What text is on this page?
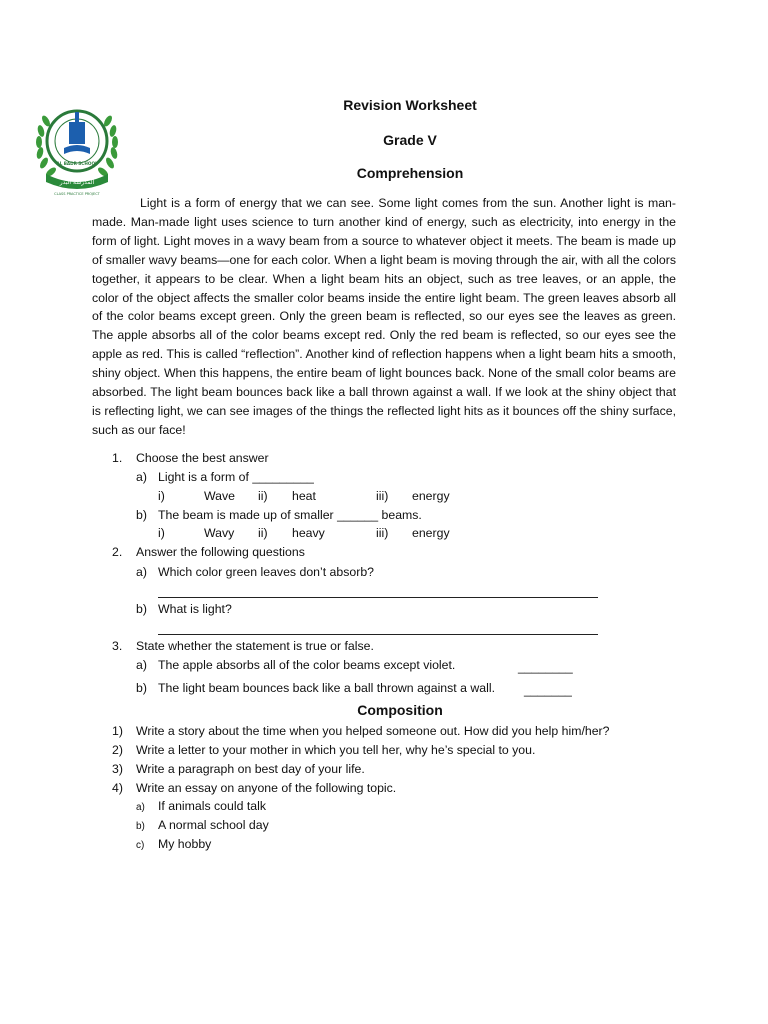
AL BADR SCHOOL
المدرسة البدر
CLASS PRACTICE PROJECT
Revision Worksheet
Grade V
Comprehension

Light is a form of energy that we can see. Some light comes from the sun. Another light is man-made. Man-made light uses science to turn another kind of energy, such as electricity, into energy in the form of light. Light moves in a wavy beam from a source to whatever object it meets. The beam is made up of smaller wavy beams—one for each color. When a light beam is moving through the air, with all the colors together, it appears to be clear. When a light beam hits an object, such as tree leaves, or an apple, the color of the object affects the smaller color beams inside the entire light beam. The green leaves absorb all of the color beams except green. Only the green beam is reflected, so our eyes see the leaves as green. The apple absorbs all of the color beams except red. Only the red beam is reflected, so our eyes see the apple as red. This is called “reflection”. Another kind of reflection happens when a light beam hits a smooth, shiny object. When this happens, the entire beam of light bounces back. None of the small color beams are absorbed. The light beam bounces back like a ball thrown against a wall. If we look at the shiny object that is reflecting light, we can see images of the things the reflected light hits as it bounces off the shiny surface, such as our face!

1. Choose the best answer
a) Light is a form of _________
i)	Wave ii) heat	iii) energy
b) The beam is made up of smaller ______ beams.
i)	Wavy ii) heavy	iii) energy
2. Answer the following questions
a) Which color green leaves don’t absorb?
b) What is light?
3. State whether the statement is true or false.
a) The apple absorbs all of the color beams except violet.	________
b) The light beam bounces back like a ball thrown against a wall. _______
Composition
1) Write a story about the time when you helped someone out. How did you help him/her?
2) Write a letter to your mother in which you tell her, why he’s special to you.
3) Write a paragraph on best day of your life.
4) Write an essay on anyone of the following topic.
a) If animals could talk
b) A normal school day
c) My hobby
